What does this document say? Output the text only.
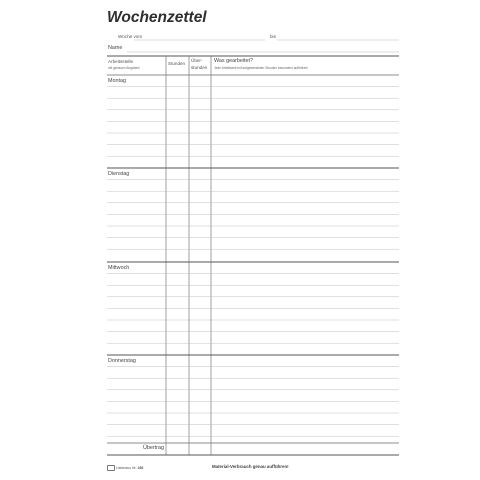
Wochenzettel
Woche vom	bis
Name
Arbeitsstelle
mit genauen Angaben!
Stunden
Über-
stunden
Was gearbeitet?
Jede Arbeitszeit mit aufgewendeten Stunden besonders aufführen!
Montag
Dienstag
Mittwoch
Donnerstag
Übertrag
Listenaus Nr. 186	Material-Verbrauch genau aufführen!
